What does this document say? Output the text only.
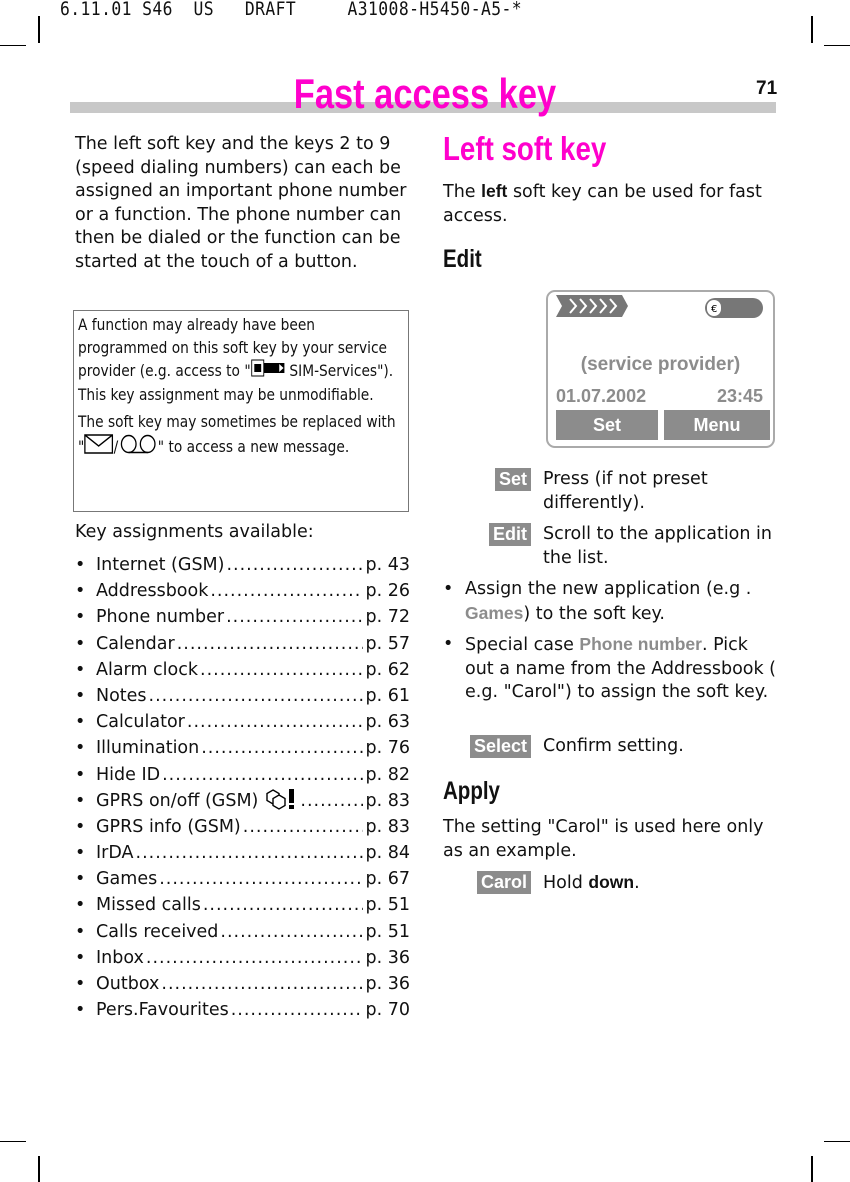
6.11.01 S46  US   DRAFT     A31008-H5450-A5-*
Fast access key	71
The left soft key and the keys 2 to 9 (speed dialing numbers) can each be assigned an important phone number or a function. The phone number can then be dialed or the function can be started at the touch of a button.

A function may already have been programmed on this soft key by your service provider (e.g. access to " SIM-Services"). This key assignment may be unmodifiable.

The soft key may sometimes be replaced with " / " to access a new message.

Key assignments available:
• Internet (GSM) .....	p. 43
• Addressbook .....	p. 26
• Phone number .....	p. 72
• Calendar .....	p. 57
• Alarm clock .....	p. 62
• Notes .....	p. 61
• Calculator .....	p. 63
• Illumination .....	p. 76
• Hide ID .....	p. 82
• GPRS on/off (GSM) .....	p. 83
• GPRS info (GSM) .....	p. 83
• IrDA .....	p. 84
• Games .....	p. 67
• Missed calls .....	p. 51
• Calls received .....	p. 51
• Inbox .....	p. 36
• Outbox .....	p. 36
• Pers.Favourites .....	p. 70
Left soft key
The left soft key can be used for fast access.
Edit
€
(service provider)
01.07.2002	23:45
Set	Menu
Set Press (if not preset differently).
Edit Scroll to the application in the list.
• Assign the new application (e.g . Games) to the soft key.
• Special case Phone number. Pick out a name from the Addressbook ( e.g. "Carol") to assign the soft key.
Select Confirm setting.
Apply
The setting "Carol" is used here only as an example.
Carol Hold down.
